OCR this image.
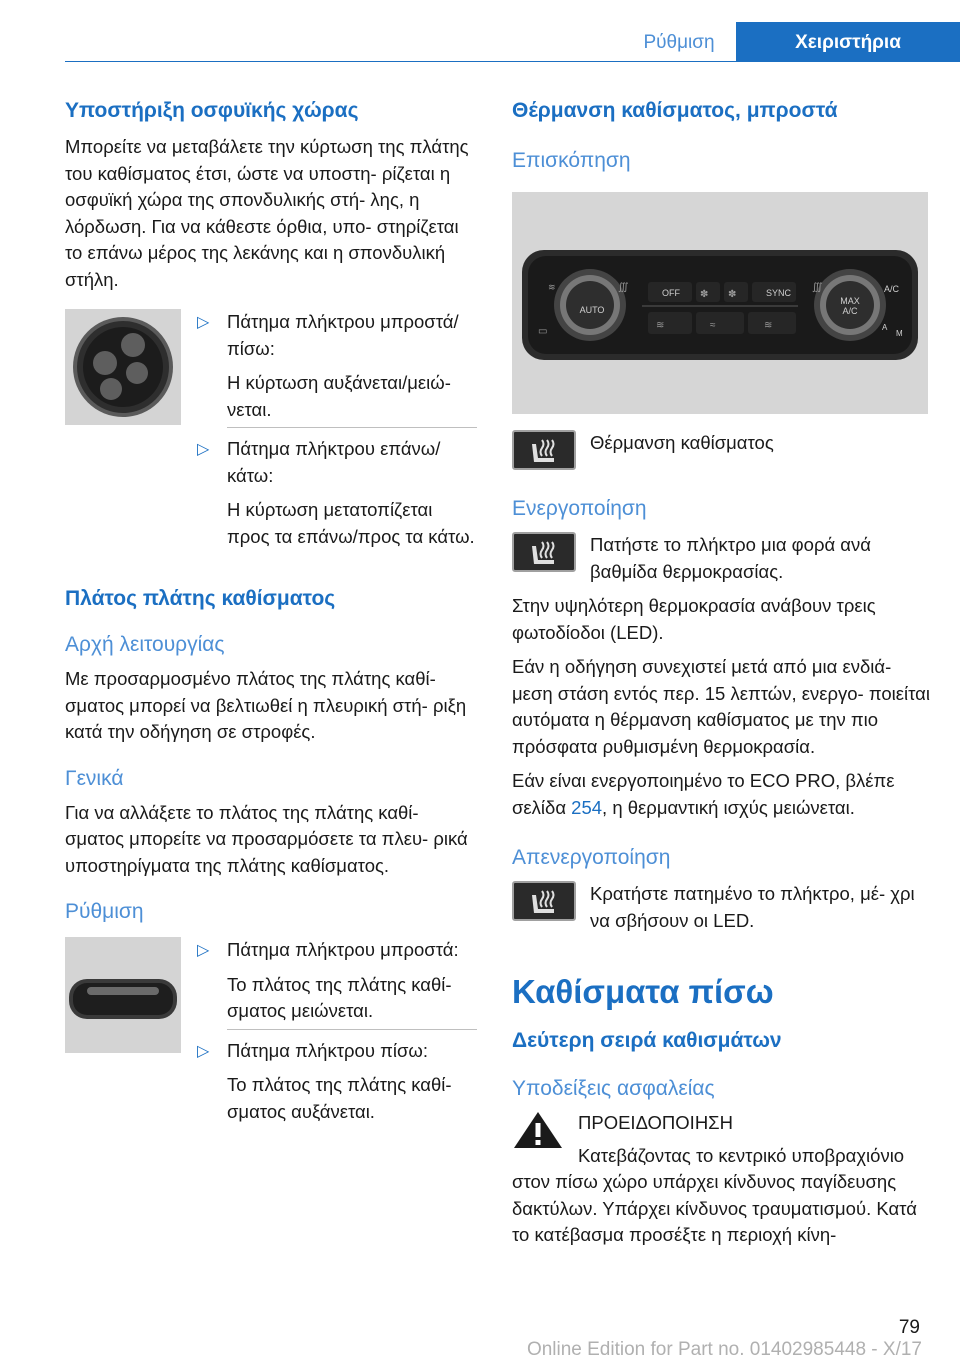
Ρύθμιση	Χειριστήρια
Υποστήριξη οσφυϊκής χώρας
Μπορείτε να μεταβάλετε την κύρτωση της πλάτης του καθίσματος έτσι, ώστε να υποστη- ρίζεται η οσφυϊκή χώρα της σπονδυλικής στή- λης, η λόρδωση. Για να κάθεστε όρθια, υπο- στηρίζεται το επάνω μέρος της λεκάνης και η σπονδυλική στήλη.
▷ Πάτημα πλήκτρου μπροστά/ πίσω:
Η κύρτωση αυξάνεται/μειώ- νεται.
▷ Πάτημα πλήκτρου επάνω/ κάτω:
Η κύρτωση μετατοπίζεται προς τα επάνω/προς τα κάτω.
Πλάτος πλάτης καθίσματος
Αρχή λειτουργίας
Με προσαρμοσμένο πλάτος της πλάτης καθί- σματος μπορεί να βελτιωθεί η πλευρική στή- ριξη κατά την οδήγηση σε στροφές.
Γενικά
Για να αλλάξετε το πλάτος της πλάτης καθί- σματος μπορείτε να προσαρμόσετε τα πλευ- ρικά υποστηρίγματα της πλάτης καθίσματος.
Ρύθμιση
▷ Πάτημα πλήκτρου μπροστά:
Το πλάτος της πλάτης καθί- σματος μειώνεται.
▷ Πάτημα πλήκτρου πίσω:
Το πλάτος της πλάτης καθί- σματος αυξάνεται.
Θέρμανση καθίσματος, μπροστά
Επισκόπηση
≋	∭	∭
▭
✽ ✽
≋	≈	≋
AUTO
OFF	SYNC	A/C
MAX
A/C
A
M
Θέρμανση καθίσματος
Ενεργοποίηση
Πατήστε το πλήκτρο μια φορά ανά βαθμίδα θερμοκρασίας.
Στην υψηλότερη θερμοκρασία ανάβουν τρεις φωτοδίοδοι (LED).
Εάν η οδήγηση συνεχιστεί μετά από μια ενδιά- μεση στάση εντός περ. 15 λεπτών, ενεργο- ποιείται αυτόματα η θέρμανση καθίσματος με την πιο πρόσφατα ρυθμισμένη θερμοκρασία.
Εάν είναι ενεργοποιημένο το ECO PRO, βλέπε σελίδα 254, η θερμαντική ισχύς μειώνεται.
Απενεργοποίηση
Κρατήστε πατημένο το πλήκτρο, μέ- χρι να σβήσουν οι LED.
Καθίσματα πίσω
Δεύτερη σειρά καθισμάτων
Υποδείξεις ασφαλείας
ΠΡΟΕΙΔΟΠΟΙΗΣΗ
Κατεβάζοντας το κεντρικό υποβραχιόνιο
στον πίσω χώρο υπάρχει κίνδυνος παγίδευσης δακτύλων. Υπάρχει κίνδυνος τραυματισμού. Κατά το κατέβασμα προσέξτε η περιοχή κίνη-
79
Online Edition for Part no. 01402985448 - X/17
